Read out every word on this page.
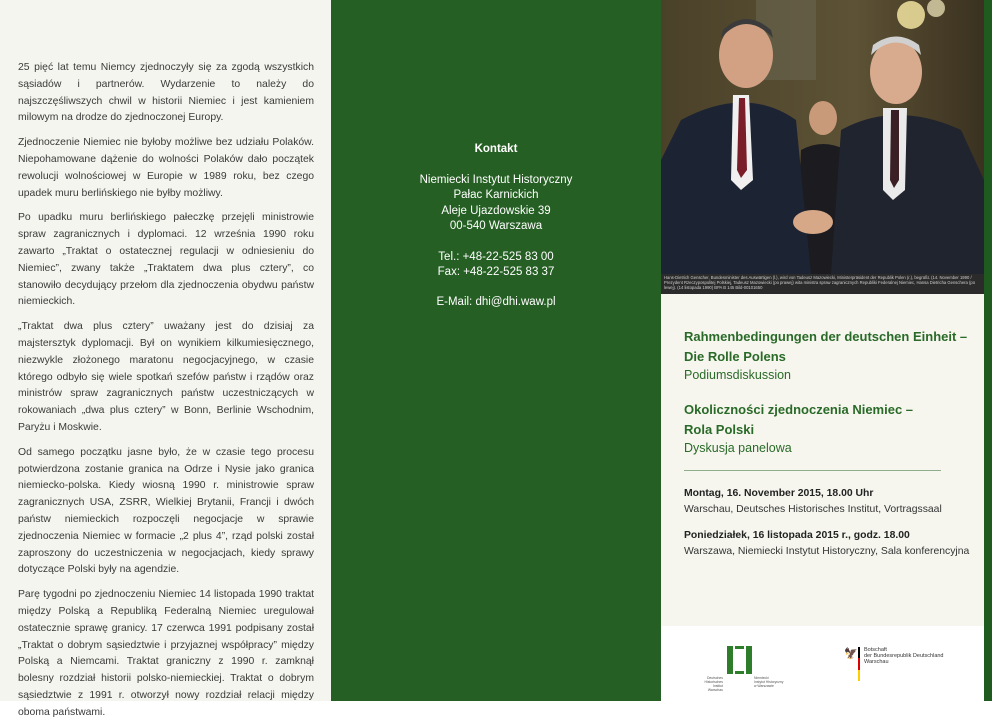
25 pięć lat temu Niemcy zjednoczyły się za zgodą wszystkich sąsiadów i partnerów. Wydarzenie to należy do najszczęśliwszych chwil w historii Niemiec i jest kamieniem milowym na drodze do zjednoczonej Europy.

Zjednoczenie Niemiec nie byłoby możliwe bez udziału Polaków. Niepohamowane dążenie do wolności Polaków dało początek rewolucji wolnościowej w Europie w 1989 roku, bez czego upadek muru berlińskiego nie byłby możliwy.

Po upadku muru berlińskiego pałeczkę przejęli ministrowie spraw zagranicznych i dyplomaci. 12 września 1990 roku zawarto „Traktat o ostatecznej regulacji w odniesieniu do Niemiec”, zwany także „Traktatem dwa plus cztery”, co stanowiło decydujący przełom dla zjednoczenia obydwu państw niemieckich.

„Traktat dwa plus cztery” uważany jest do dzisiaj za majstersztyk dyplomacji. Był on wynikiem kilkumiesięcznego, niezwykle złożonego maratonu negocjacyjnego, w czasie którego odbyło się wiele spotkań szefów państw i rządów oraz ministrów spraw zagranicznych państw uczestniczących w rokowaniach „dwa plus cztery” w Bonn, Berlinie Wschodnim, Paryżu i Moskwie.

Od samego początku jasne było, że w czasie tego procesu potwierdzona zostanie granica na Odrze i Nysie jako granica niemiecko-polska. Kiedy wiosną 1990 r. ministrowie spraw zagranicznych USA, ZSRR, Wielkiej Brytanii, Francji i dwóch państw niemieckich rozpoczęli negocjacje w sprawie zjednoczenia Niemiec w formacie „2 plus 4”, rząd polski został zaproszony do uczestniczenia w negocjacjach, kiedy sprawy dotyczące Polski były na agendzie.

Parę tygodni po zjednoczeniu Niemiec 14 listopada 1990 traktat między Polską a Republiką Federalną Niemiec uregulował ostatecznie sprawę granicy. 17 czerwca 1991 podpisany został „Traktat o dobrym sąsiedztwie i przyjaznej współpracy” między Polską a Niemcami. Traktat graniczny z 1990 r. zamknął bolesny rozdział historii polsko-niemieckiej. Traktat o dobrym sąsiedztwie z 1991 r. otworzył nowy rozdział relacji między oboma państwami.

Kontakt
Niemiecki Instytut Historyczny
Pałac Karnickich
Aleje Ujazdowskie 39
00-540 Warszawa
Tel.: +48-22-525 83 00
Fax: +48-22-525 83 37
E-Mail: dhi@dhi.waw.pl
Hans-Dietrich Genscher, Bundesminister des Auswärtigen (l.), wird von Tadeusz Mazowiecki, Ministerpräsident der Republik Polen (r.), begrüßt. (14. November 1990 / Prezydent Rzeczypospolitej Polskiej, Tadeusz Mazowiecki (po prawej) wita ministra spraw zagranicznych Republiki Federalnej Niemiec, Hansa Dietricha Genschera (po lewej). (14 listopada 1990) BPA B 145 Bild-00101650
Rahmenbedingungen der deutschen Einheit –
Die Rolle Polens
Podiumsdiskussion
Okoliczności zjednoczenia Niemiec –
Rola Polski
Dyskusja panelowa
Montag, 16. November 2015, 18.00 Uhr
Warschau, Deutsches Historisches Institut, Vortragssaal
Poniedziałek, 16 listopada 2015 r., godz. 18.00
Warszawa, Niemiecki Instytut Historyczny, Sala konferencyjna
Deutsches
Historisches Institut
Warschau
Niemiecki
Instytut Historyczny
w Warszawie
🦅 Botschaft
der Bundesrepublik Deutschland
Warschau
